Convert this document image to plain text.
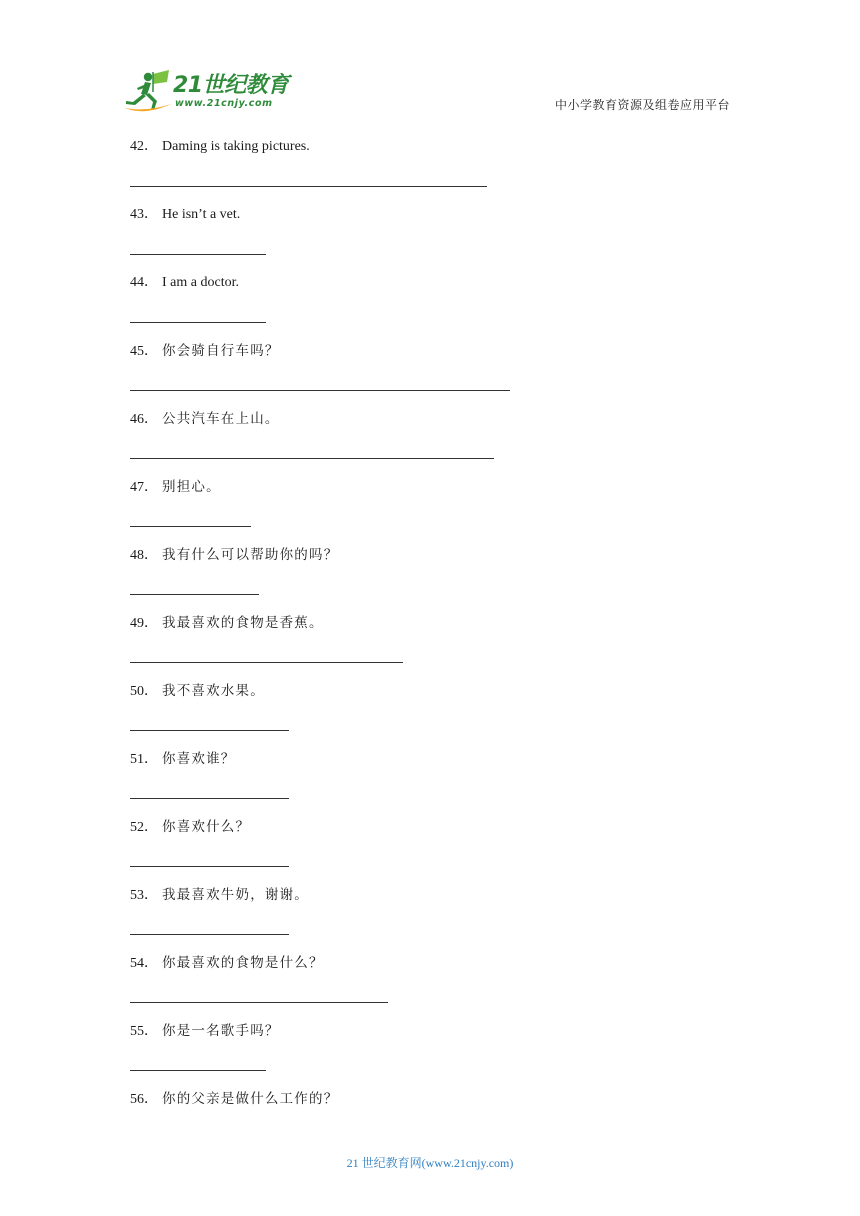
21世纪教育
www.21cnjy.com	中小学教育资源及组卷应用平台
42． Daming is taking pictures.
43． He isn’t a vet.
44． I am a doctor.
45． 你会骑自行车吗？
46． 公共汽车在上山。
47． 别担心。
48． 我有什么可以帮助你的吗？
49． 我最喜欢的食物是香蕉。
50． 我不喜欢水果。
51． 你喜欢谁？
52． 你喜欢什么？
53． 我最喜欢牛奶，谢谢。
54． 你最喜欢的食物是什么？
55． 你是一名歌手吗？
56． 你的父亲是做什么工作的？
21 世纪教育网(www.21cnjy.com)
